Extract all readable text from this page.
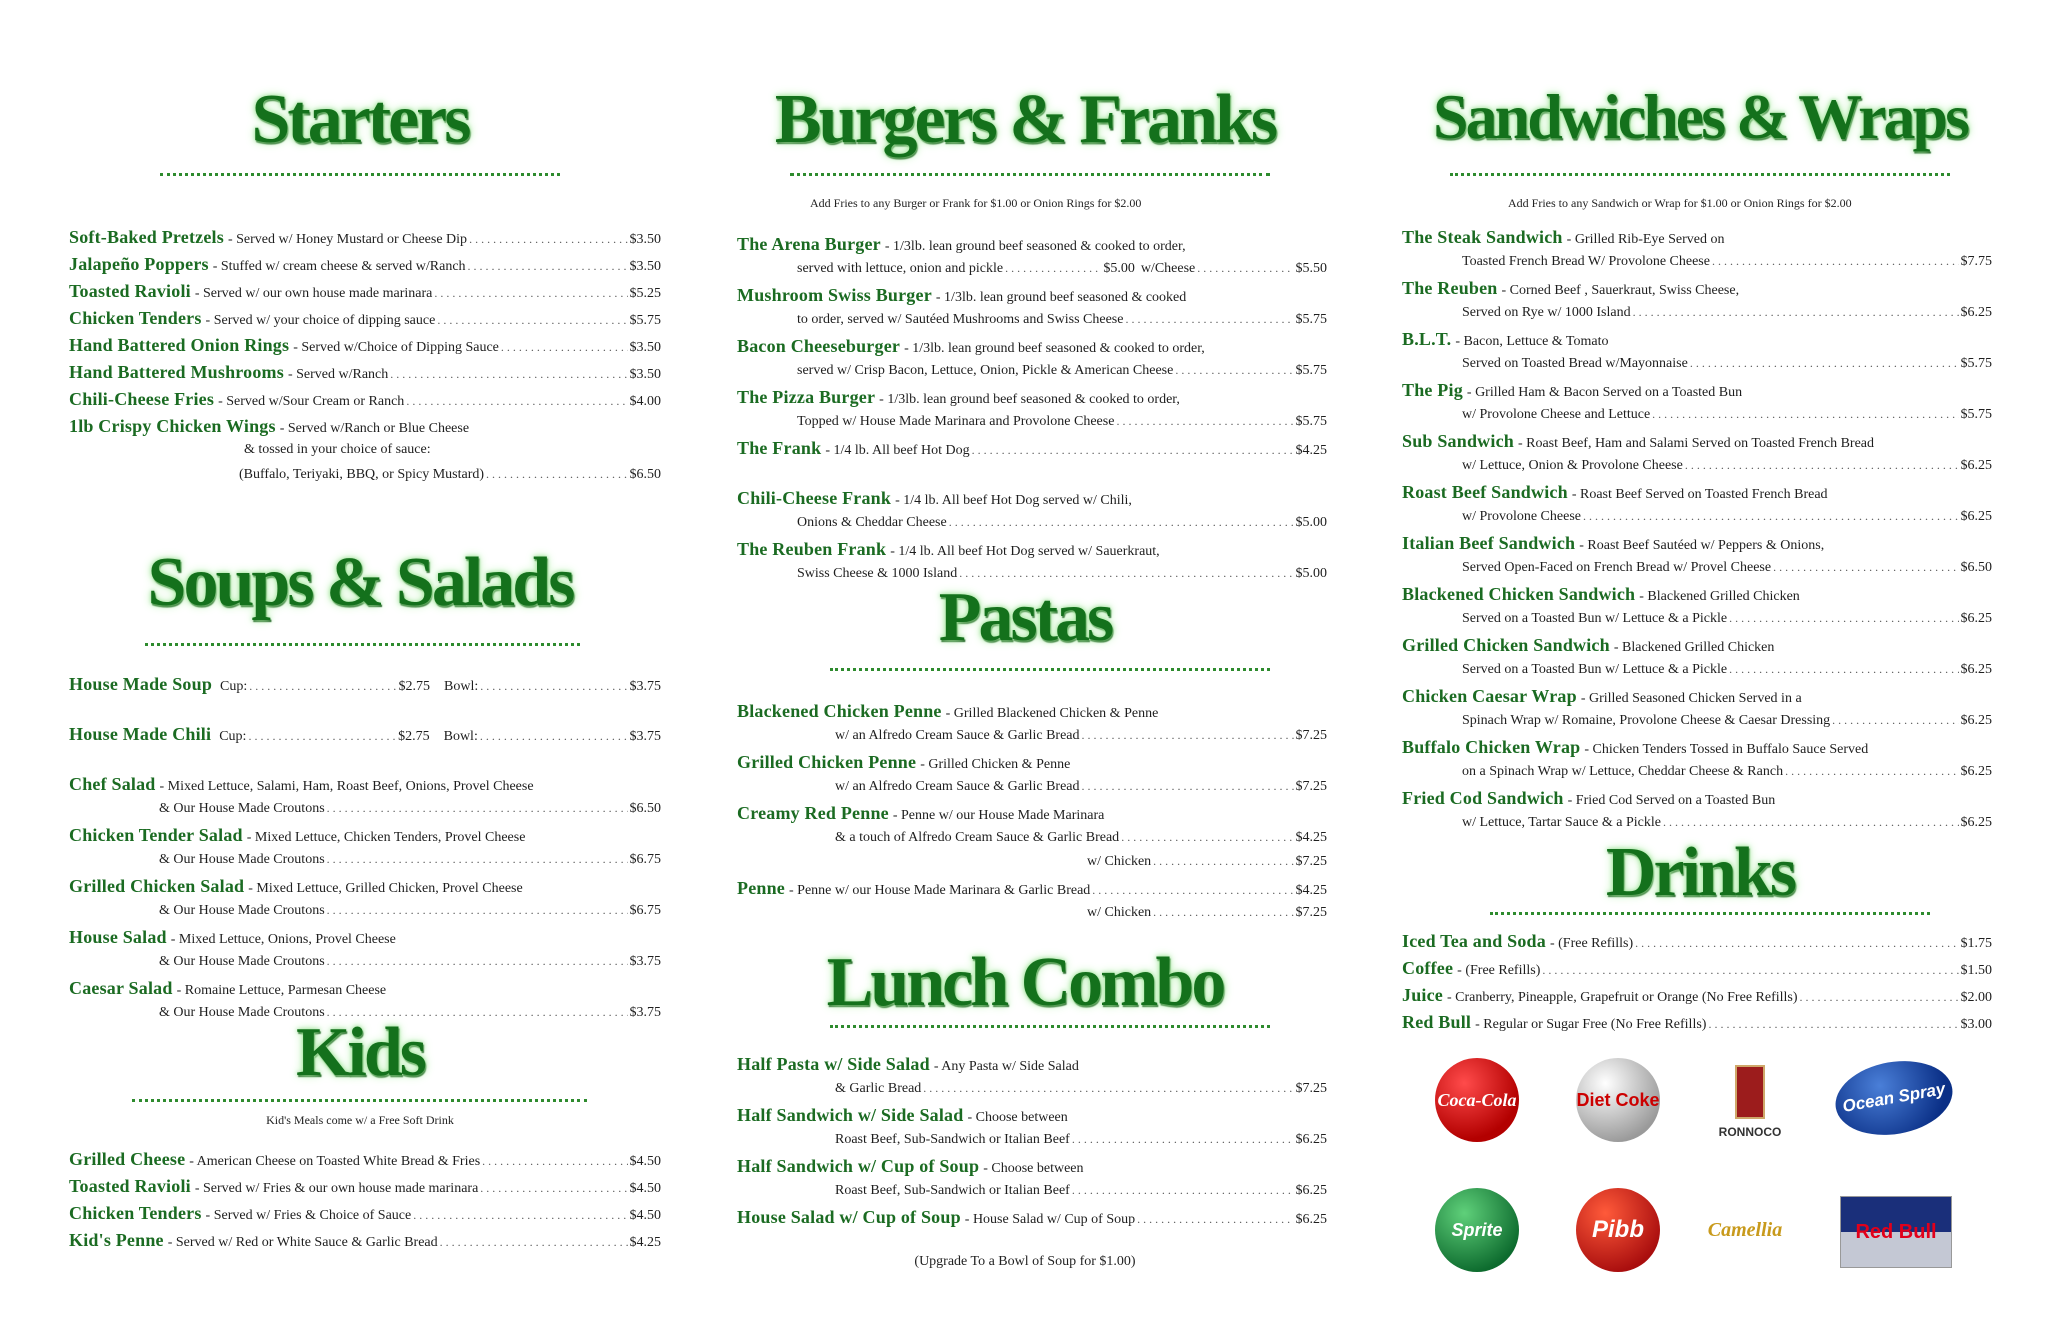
Starters
Soft-Baked Pretzels - Served w/ Honey Mustard or Cheese Dip . . .	$3.50
Jalapeño Poppers - Stuffed w/ cream cheese & served w/Ranch . . .	$3.50
Toasted Ravioli - Served w/ our own house made marinara . . .	$5.25
Chicken Tenders - Served w/ your choice of dipping sauce . . .	$5.75
Hand Battered Onion Rings - Served w/Choice of Dipping Sauce . . .	$3.50
Hand Battered Mushrooms - Served w/Ranch . . .	$3.50
Chili-Cheese Fries - Served w/Sour Cream or Ranch . . .	$4.00
1lb Crispy Chicken Wings - Served w/Ranch or Blue Cheese
& tossed in your choice of sauce:
(Buffalo, Teriyaki, BBQ, or Spicy Mustard) . . .	$6.50
Soups & Salads
House Made Soup Cup: . . .	$2.75 Bowl: . . .	$3.75
House Made Chili Cup: . . .	$2.75 Bowl: . . .	$3.75
Chef Salad - Mixed Lettuce, Salami, Ham, Roast Beef, Onions, Provel Cheese
& Our House Made Croutons . . .	$6.50
Chicken Tender Salad - Mixed Lettuce, Chicken Tenders, Provel Cheese
& Our House Made Croutons . . .	$6.75
Grilled Chicken Salad - Mixed Lettuce, Grilled Chicken, Provel Cheese
& Our House Made Croutons . . .	$6.75
House Salad - Mixed Lettuce, Onions, Provel Cheese
& Our House Made Croutons . . .	$3.75
Caesar Salad - Romaine Lettuce, Parmesan Cheese
& Our House Made Croutons . . .	$3.75
Kids
Kid's Meals come w/ a Free Soft Drink
Grilled Cheese - American Cheese on Toasted White Bread & Fries . . .	$4.50
Toasted Ravioli - Served w/ Fries & our own house made marinara . . .	$4.50
Chicken Tenders - Served w/ Fries & Choice of Sauce . . .	$4.50
Kid's Penne - Served w/ Red or White Sauce & Garlic Bread . . .	$4.25
Burgers & Franks
Add Fries to any Burger or Frank for $1.00 or Onion Rings for $2.00
The Arena Burger - 1/3lb. lean ground beef seasoned & cooked to order,
served with lettuce, onion and pickle . . .	$5.00 w/Cheese . . .	$5.50
Mushroom Swiss Burger - 1/3lb. lean ground beef seasoned & cooked
to order, served w/ Sautéed Mushrooms and Swiss Cheese . . .	$5.75
Bacon Cheeseburger - 1/3lb. lean ground beef seasoned & cooked to order,
served w/ Crisp Bacon, Lettuce, Onion, Pickle & American Cheese . . .	$5.75
The Pizza Burger - 1/3lb. lean ground beef seasoned & cooked to order,
Topped w/ House Made Marinara and Provolone Cheese . . .	$5.75
The Frank - 1/4 lb. All beef Hot Dog . . .	$4.25
Chili-Cheese Frank - 1/4 lb. All beef Hot Dog served w/ Chili,
Onions & Cheddar Cheese . . .	$5.00
The Reuben Frank - 1/4 lb. All beef Hot Dog served w/ Sauerkraut,
Swiss Cheese & 1000 Island . . .	$5.00
Pastas
Blackened Chicken Penne - Grilled Blackened Chicken & Penne
w/ an Alfredo Cream Sauce & Garlic Bread . . .	$7.25
Grilled Chicken Penne - Grilled Chicken & Penne
w/ an Alfredo Cream Sauce & Garlic Bread . . .	$7.25
Creamy Red Penne - Penne w/ our House Made Marinara
& a touch of Alfredo Cream Sauce & Garlic Bread . . .	$4.25
w/ Chicken . . .	$7.25
Penne - Penne w/ our House Made Marinara & Garlic Bread . . .	$4.25
w/ Chicken . . .	$7.25
Lunch Combo
Half Pasta w/ Side Salad - Any Pasta w/ Side Salad
& Garlic Bread . . .	$7.25
Half Sandwich w/ Side Salad - Choose between
Roast Beef, Sub-Sandwich or Italian Beef . . .	$6.25
Half Sandwich w/ Cup of Soup - Choose between
Roast Beef, Sub-Sandwich or Italian Beef . . .	$6.25
House Salad w/ Cup of Soup - House Salad w/ Cup of Soup . . .	$6.25
(Upgrade To a Bowl of Soup for $1.00)
Sandwiches & Wraps
Add Fries to any Sandwich or Wrap for $1.00 or Onion Rings for $2.00
The Steak Sandwich - Grilled Rib-Eye Served on
Toasted French Bread W/ Provolone Cheese . . .	$7.75
The Reuben - Corned Beef , Sauerkraut, Swiss Cheese,
Served on Rye w/ 1000 Island . . .	$6.25
B.L.T. - Bacon, Lettuce & Tomato
Served on Toasted Bread w/Mayonnaise . . .	$5.75
The Pig - Grilled Ham & Bacon Served on a Toasted Bun
w/ Provolone Cheese and Lettuce . . .	$5.75
Sub Sandwich - Roast Beef, Ham and Salami Served on Toasted French Bread
w/ Lettuce, Onion & Provolone Cheese . . .	$6.25
Roast Beef Sandwich - Roast Beef Served on Toasted French Bread
w/ Provolone Cheese . . .	$6.25
Italian Beef Sandwich - Roast Beef Sautéed w/ Peppers & Onions,
Served Open-Faced on French Bread w/ Provel Cheese . . .	$6.50
Blackened Chicken Sandwich - Blackened Grilled Chicken
Served on a Toasted Bun w/ Lettuce & a Pickle . . .	$6.25
Grilled Chicken Sandwich - Blackened Grilled Chicken
Served on a Toasted Bun w/ Lettuce & a Pickle . . .	$6.25
Chicken Caesar Wrap - Grilled Seasoned Chicken Served in a
Spinach Wrap w/ Romaine, Provolone Cheese & Caesar Dressing . . .	$6.25
Buffalo Chicken Wrap - Chicken Tenders Tossed in Buffalo Sauce Served
on a Spinach Wrap w/ Lettuce, Cheddar Cheese & Ranch . . .	$6.25
Fried Cod Sandwich - Fried Cod Served on a Toasted Bun
w/ Lettuce, Tartar Sauce & a Pickle . . .	$6.25
Drinks
Iced Tea and Soda - (Free Refills) . . .	$1.75
Coffee - (Free Refills) . . .	$1.50
Juice - Cranberry, Pineapple, Grapefruit or Orange (No Free Refills) . . .	$2.00
Red Bull - Regular or Sugar Free (No Free Refills) . . .	$3.00
Coca-Cola	Diet Coke
RONNOCO
Ocean Spray
Sprite	Pibb	Camellia	Red Bull
